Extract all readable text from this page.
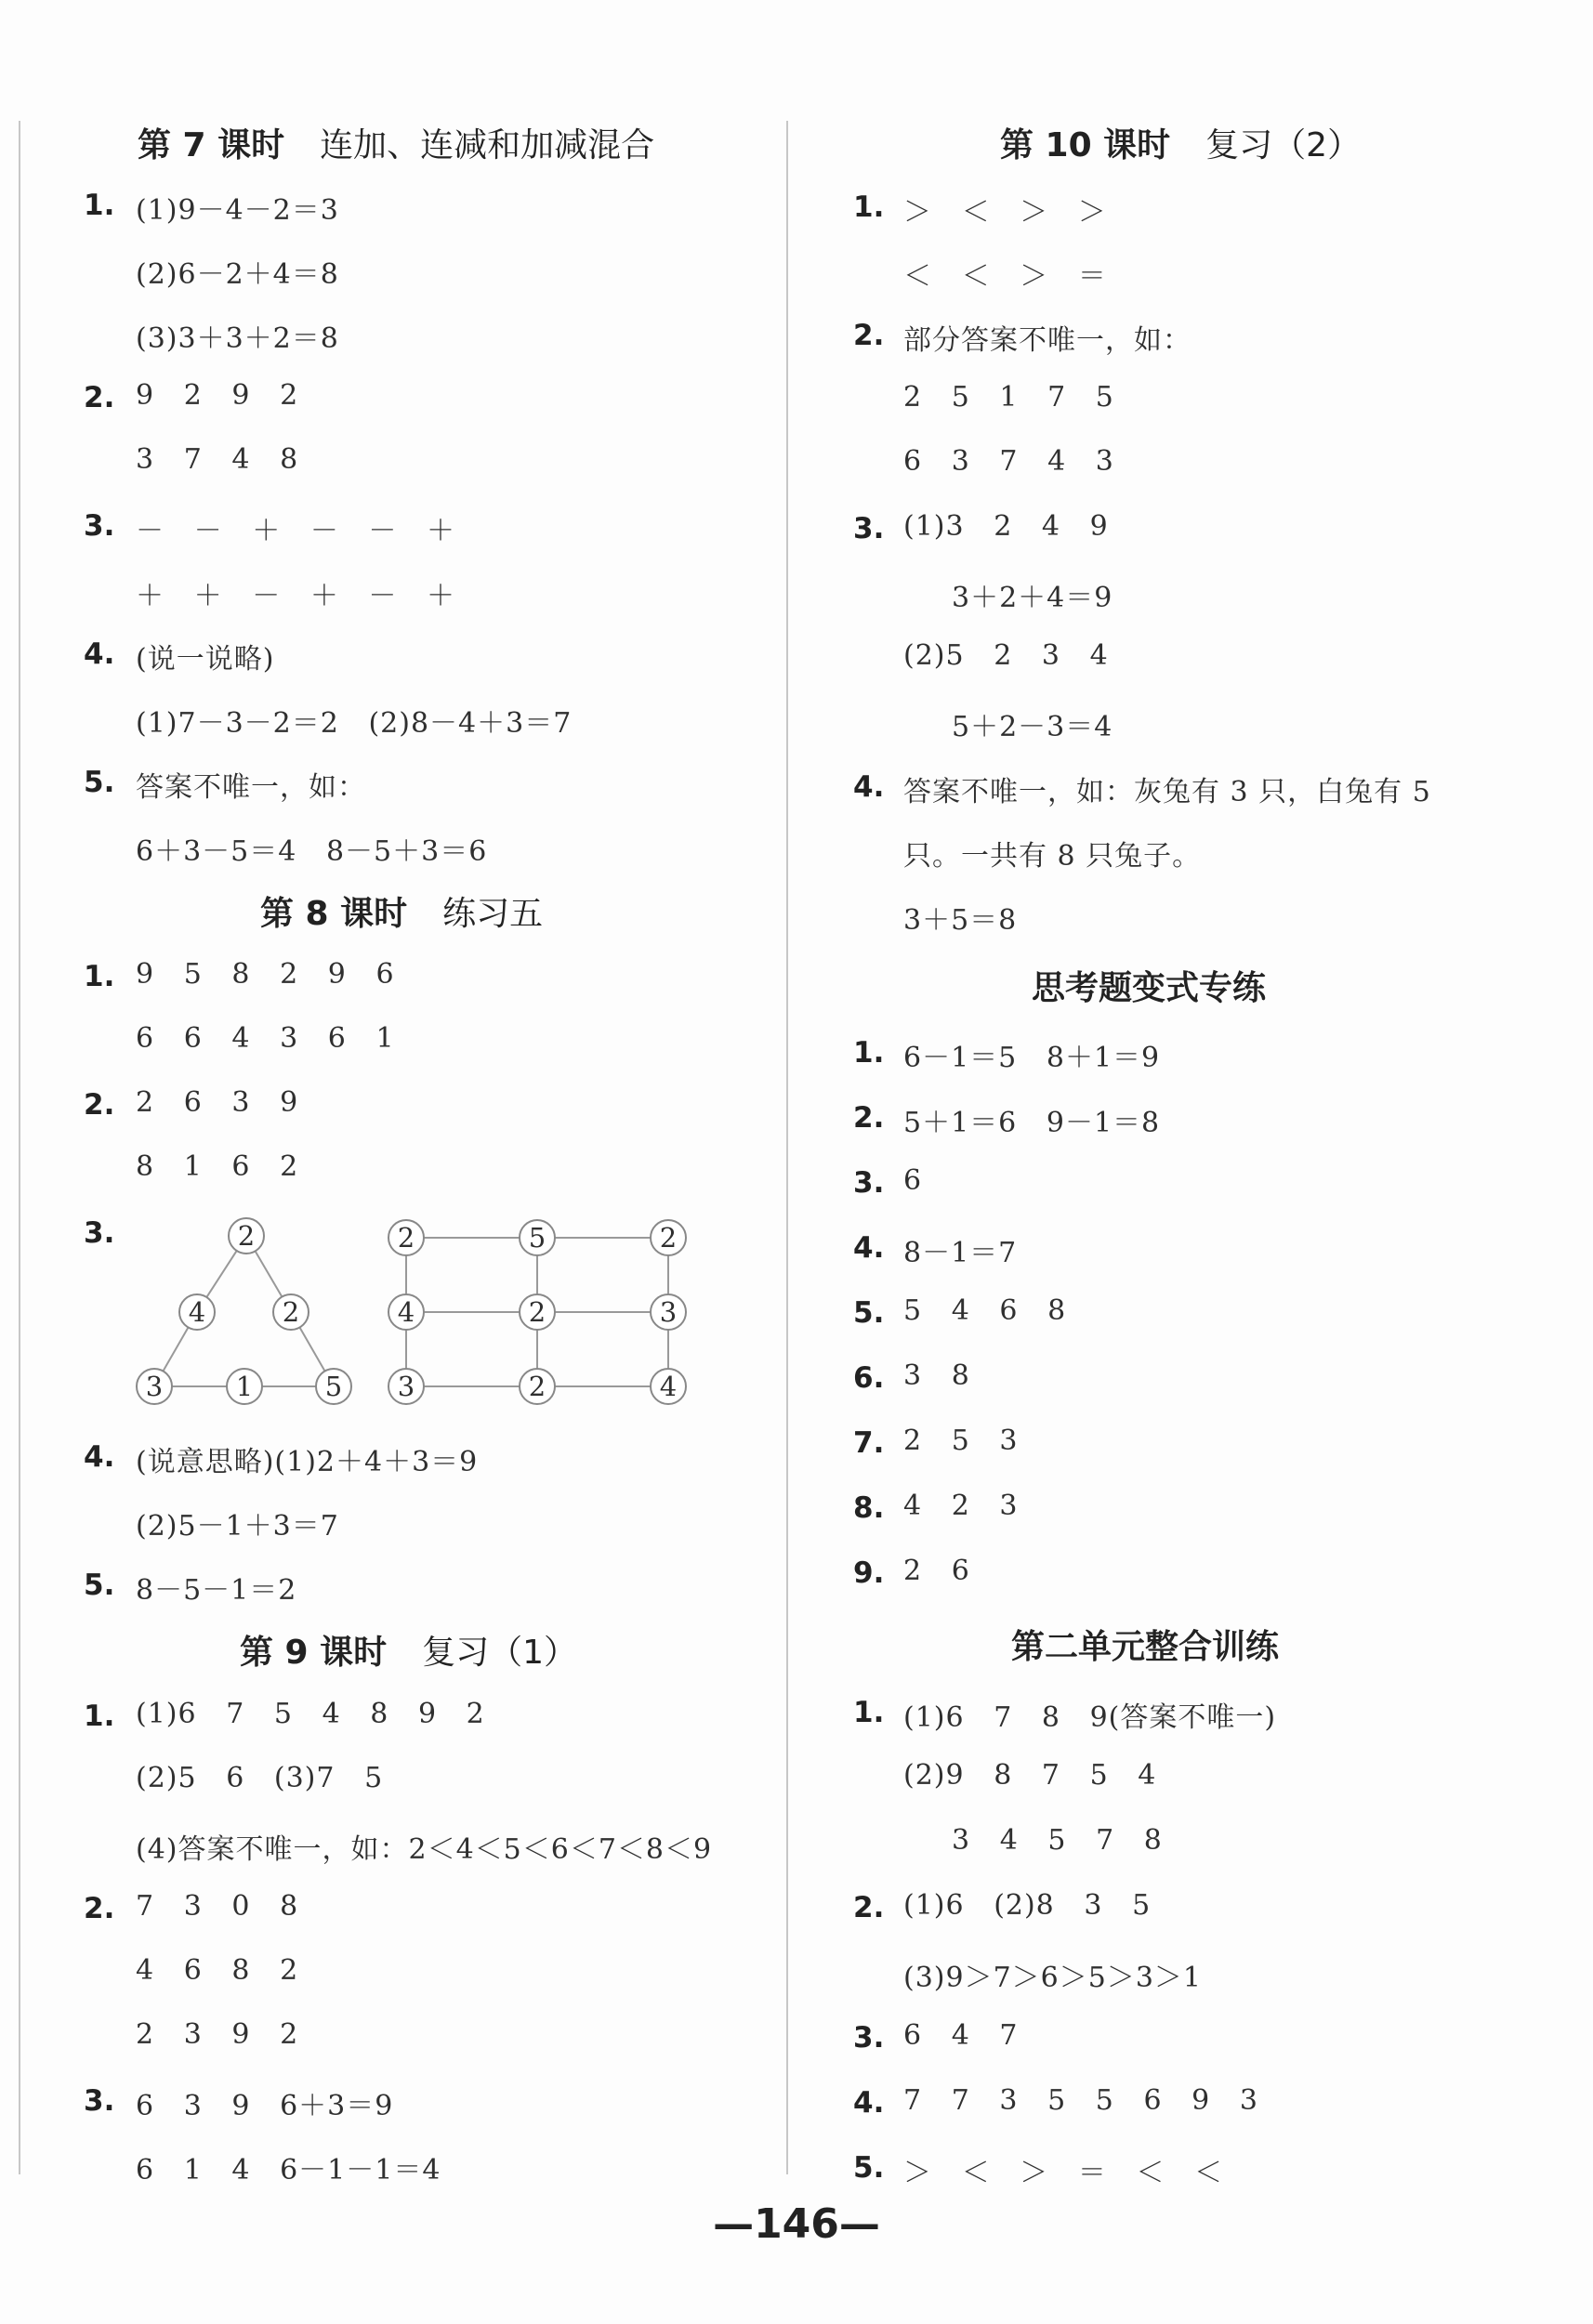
第 7 课时 连加、连减和加减混合
1. (1)9－4－2＝3
(2)6－2＋4＝8
(3)3＋3＋2＝8
2. 9   2   9   2
3   7   4   8
3. －   －   ＋   －   －   ＋
＋   ＋   －   ＋   －   ＋
4. (说一说略)
(1)7－3－2＝2   (2)8－4＋3＝7
5. 答案不唯一，如：
6＋3－5＝4   8－5＋3＝6
第 8 课时 练习五
1. 9   5   8   2   9   6
6   6   4   3   6   1
2. 2   6   3   9
8   1   6   2
3.	2
4	2
3	1	5
2	5	2
4	2	3
3	2	4
4. (说意思略)(1)2＋4＋3＝9
(2)5－1＋3＝7
5. 8－5－1＝2
第 9 课时 复习（1）
1. (1)6   7   5   4   8   9   2
(2)5   6   (3)7   5
(4)答案不唯一，如：2＜4＜5＜6＜7＜8＜9
2. 7   3   0   8
4   6   8   2
2   3   9   2
3. 6   3   9   6＋3＝9
6   1   4   6－1－1＝4
第 10 课时 复习（2）
1. ＞   ＜   ＞   ＞
＜   ＜   ＞   ＝
2. 部分答案不唯一，如：
2   5   1   7   5
6   3   7   4   3
3. (1)3   2   4   9
3＋2＋4＝9
(2)5   2   3   4
5＋2－3＝4
4. 答案不唯一，如：灰兔有 3 只，白兔有 5
只。一共有 8 只兔子。
3＋5＝8
思考题变式专练
1. 6－1＝5   8＋1＝9
2. 5＋1＝6   9－1＝8
3. 6
4. 8－1＝7
5. 5   4   6   8
6. 3   8
7. 2   5   3
8. 4   2   3
9. 2   6
第二单元整合训练
1. (1)6   7   8   9(答案不唯一)
(2)9   8   7   5   4
3   4   5   7   8
2. (1)6   (2)8   3   5
(3)9＞7＞6＞5＞3＞1
3. 6   4   7
4. 7   7   3   5   5   6   9   3
5. ＞   ＜   ＞   ＝   ＜   ＜
—146—
